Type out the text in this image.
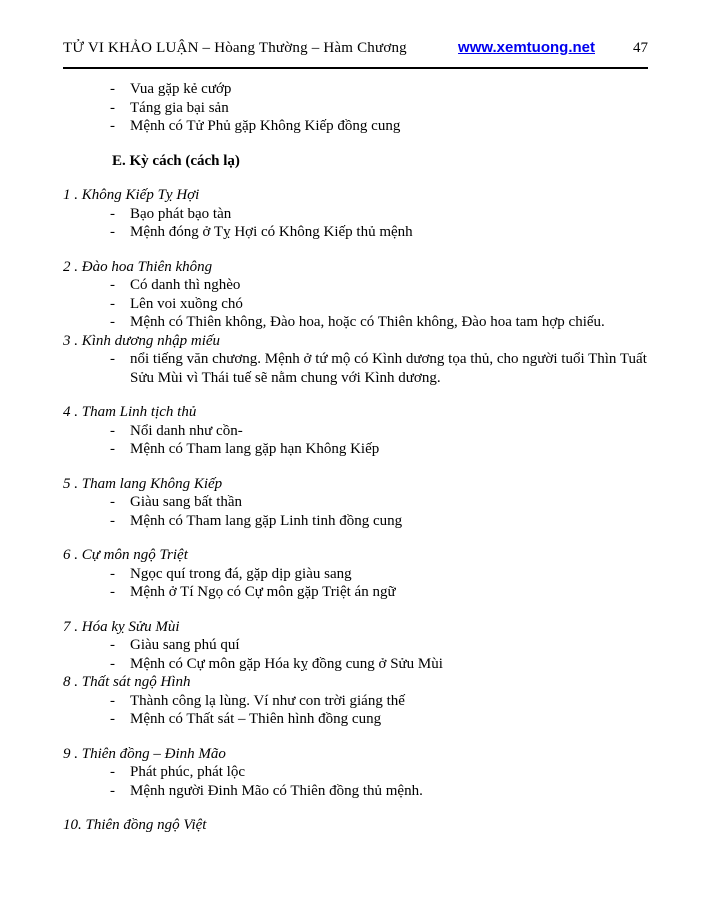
TỬ VI KHẢO LUẬN – Hòang Thường – Hàm Chương	www.xemtuong.net	47
-	Vua gặp kẻ cướp
-	Táng gia bại sản
-	Mệnh có Tử Phủ gặp Không Kiếp đồng cung
E. Kỳ cách (cách lạ)
1 . Không Kiếp Tỵ Hợi
-	Bạo phát bạo tàn
-	Mệnh đóng ở Tỵ Hợi có Không Kiếp thủ mệnh
2 . Đào hoa Thiên không
-	Có danh thì nghèo
-	Lên voi xuồng chó
-	Mệnh có Thiên không, Đào hoa, hoặc có Thiên không, Đào hoa tam hợp chiếu.
3 . Kình dương nhập miếu
-	nổi tiếng văn chương. Mệnh ở tứ mộ có Kình dương tọa thủ, cho người tuổi Thìn Tuất Sửu Mùi vì Thái tuế sẽ nằm chung với Kình dương.
4 . Tham Linh tịch thủ
-	Nổi danh như cồn-
-	Mệnh có Tham lang gặp hạn Không Kiếp
5 . Tham lang Không Kiếp
-	Giàu sang bất thần
-	Mệnh có Tham lang gặp Linh tinh đồng cung
6 . Cự môn ngộ Triệt
-	Ngọc quí trong đá, gặp dịp giàu sang
-	Mệnh ở Tí Ngọ có Cự môn gặp Triệt án ngữ
7 . Hóa kỵ Sửu Mùi
-	Giàu sang phú quí
-	Mệnh có Cự môn gặp Hóa kỵ đồng cung ở Sửu Mùi
8 . Thất sát ngộ Hình
-	Thành công lạ lùng. Ví như con trời giáng thế
-	Mệnh có Thất sát – Thiên hình đồng cung
9 . Thiên đồng – Đinh Mão
-	Phát phúc, phát lộc
-	Mệnh người Đinh Mão có Thiên đồng thủ mệnh.
10. Thiên đồng ngộ Việt
